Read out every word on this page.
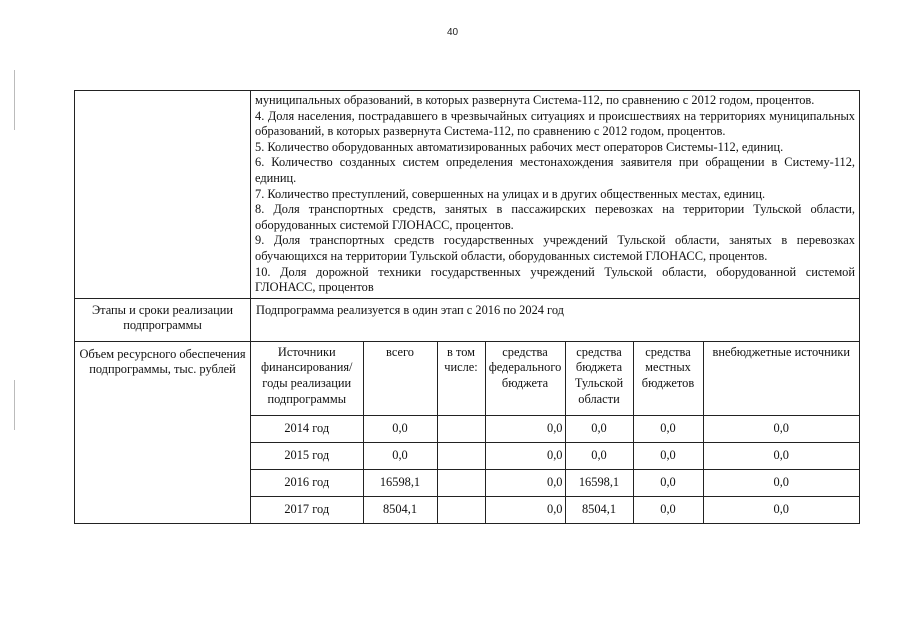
40

муниципальных образований, в которых развернута Система-112, по сравнению с 2012 годом, процентов.
4. Доля населения, пострадавшего в чрезвычайных ситуациях и происшествиях на территориях муниципальных образований, в которых развернута Система-112, по сравнению с 2012 годом, процентов.
5. Количество оборудованных автоматизированных рабочих мест операторов Системы-112, единиц.
6. Количество созданных систем определения местонахождения заявителя при обращении в Систему-112, единиц.
7. Количество преступлений, совершенных на улицах и в других общественных местах, единиц.
8. Доля транспортных средств, занятых в пассажирских перевозках на территории Тульской области, оборудованных системой ГЛОНАСС, процентов.
9. Доля транспортных средств государственных учреждений Тульской области, занятых в перевозках обучающихся на территории Тульской области, оборудованных системой ГЛОНАСС, процентов.
10. Доля дорожной техники государственных учреждений Тульской области, оборудованной системой ГЛОНАСС, процентов

Этапы и сроки реализации подпрограммы	Подпрограмма реализуется в один этап с 2016 по 2024 год
Объем ресурсного обеспечения подпрограммы, тыс. рублей	
Источники финансирования/ годы реализации подпрограммы	всего	в том числе:	средства федерального бюджета	средства бюджета Тульской области	средства местных бюджетов	внебюджетные источники
2014 год	0,0		0,0	0,0	0,0	0,0
2015 год	0,0		0,0	0,0	0,0	0,0
2016 год	16598,1		0,0	16598,1	0,0	0,0
2017 год	8504,1		0,0	8504,1	0,0	0,0
